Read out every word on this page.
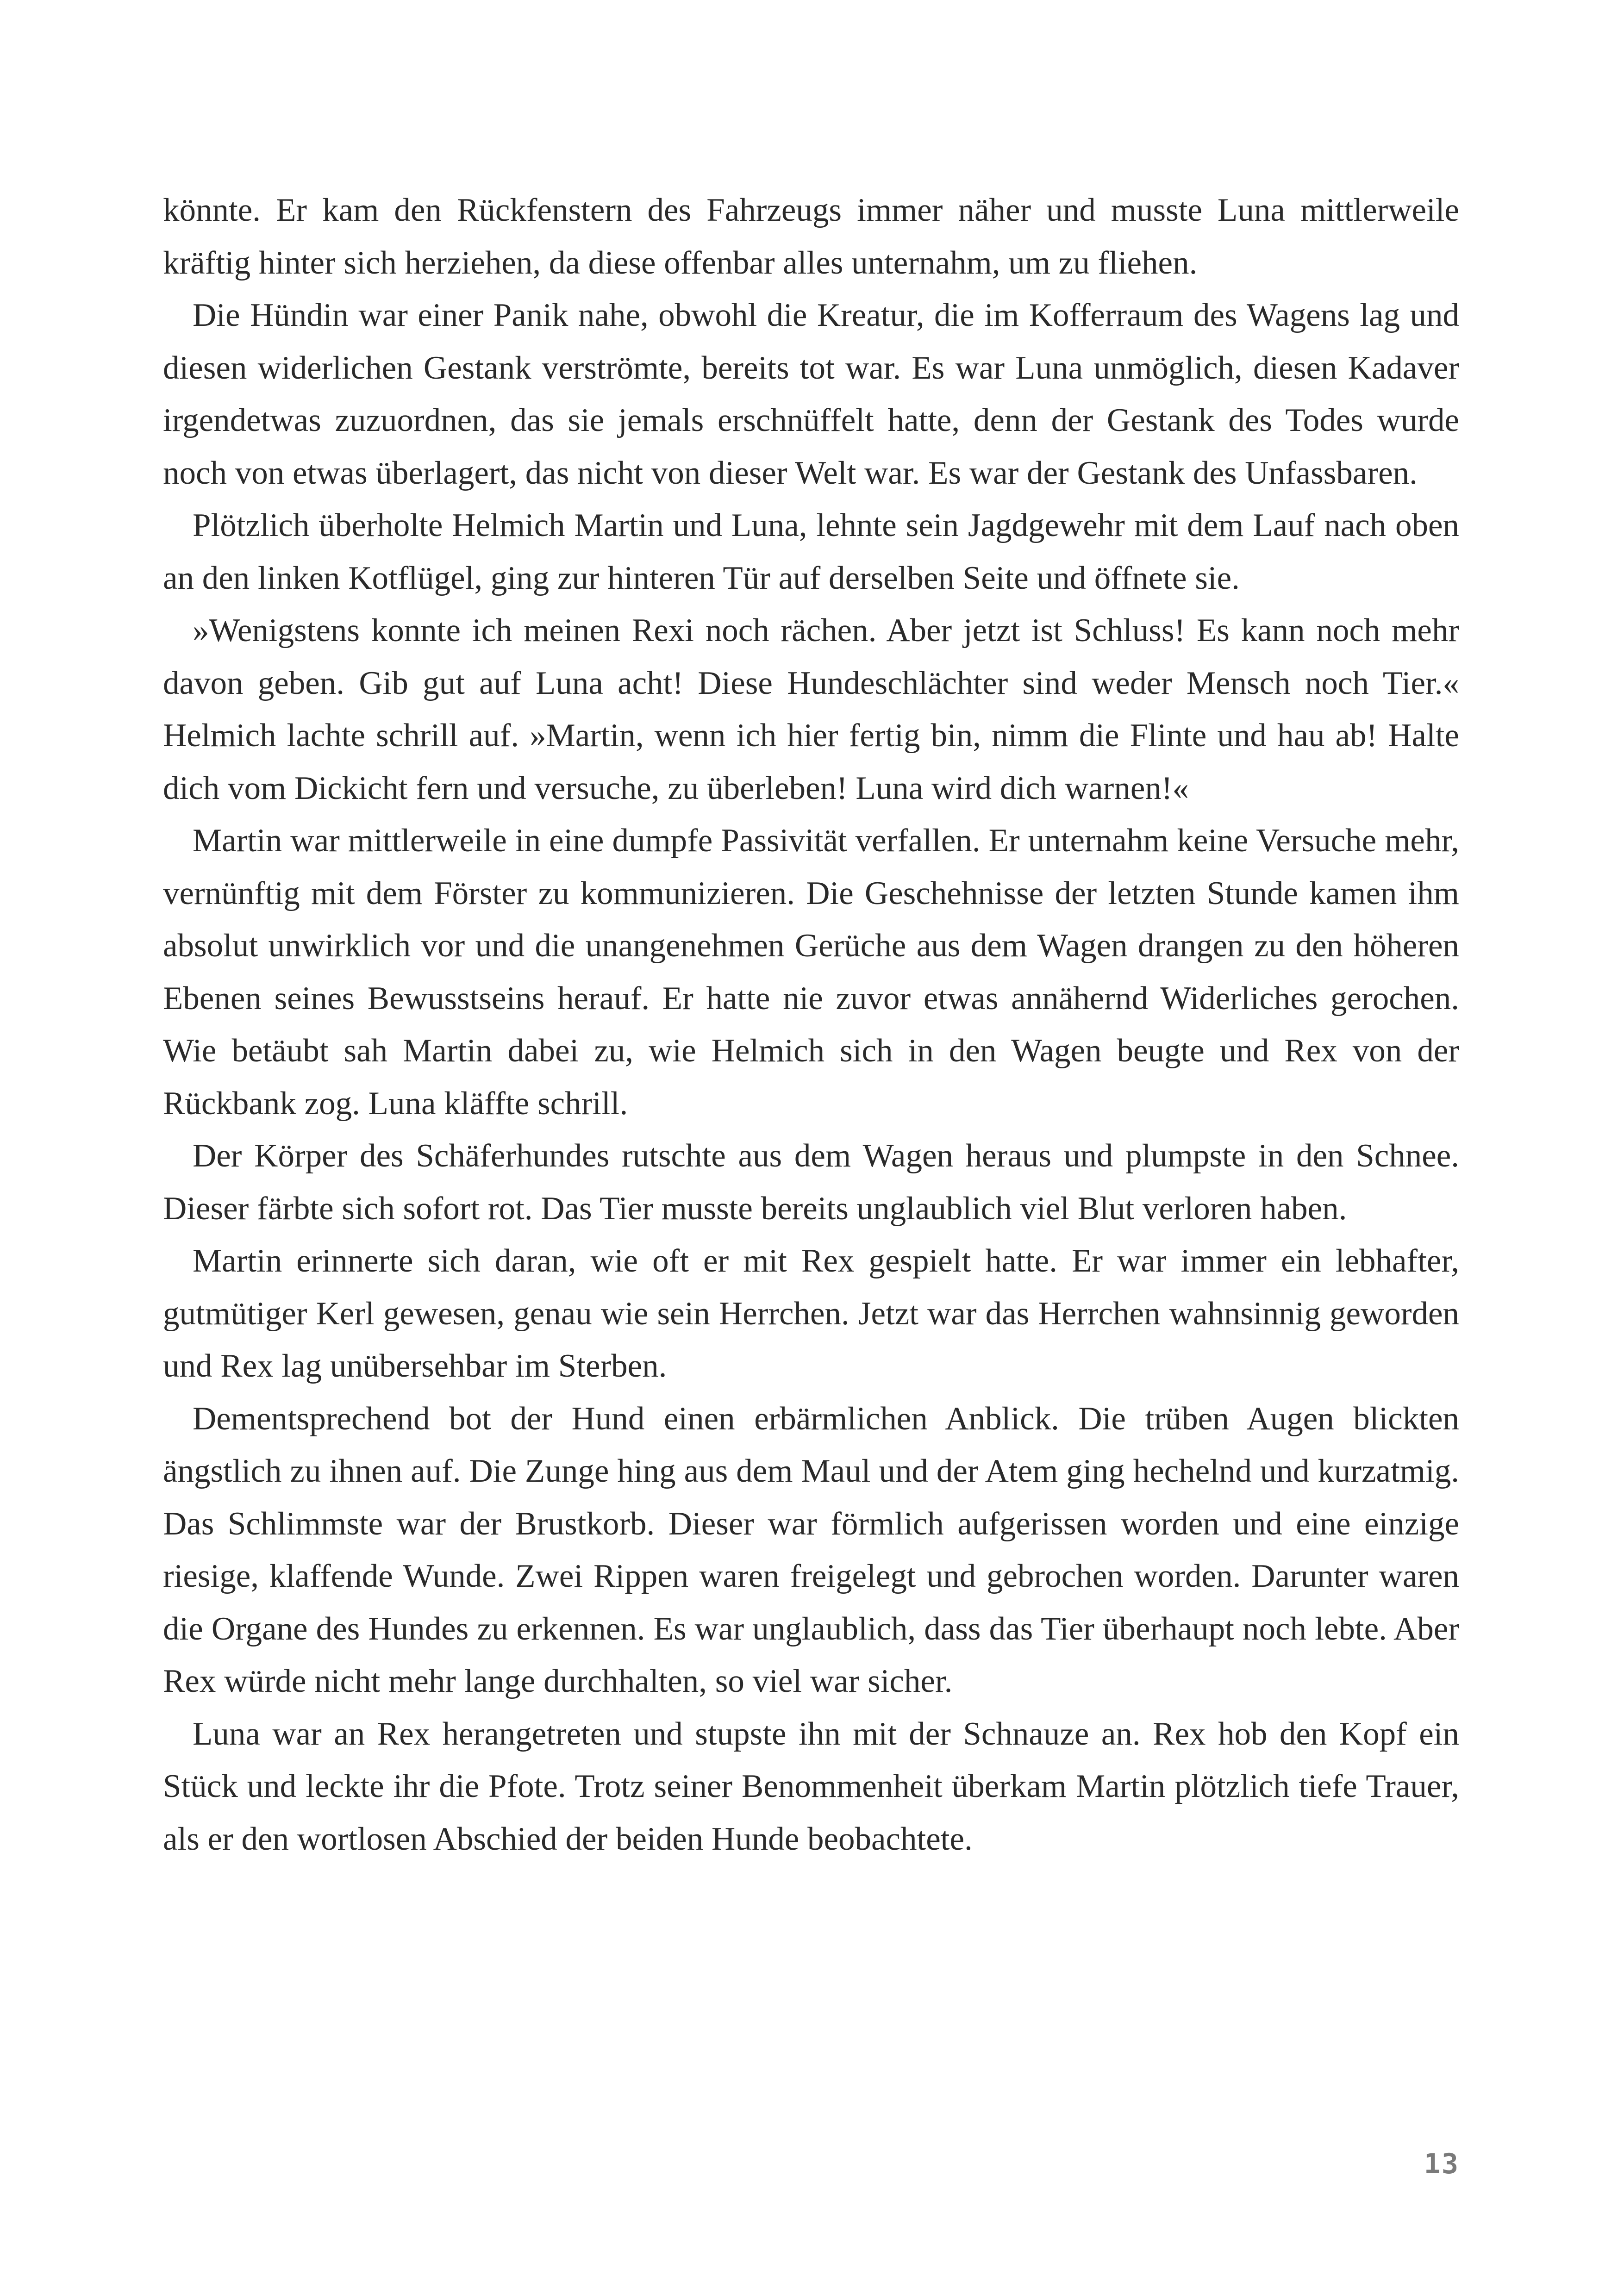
könnte. Er kam den Rückfenstern des Fahrzeugs immer näher und musste Luna mittlerweile kräftig hinter sich herziehen, da diese offenbar alles unternahm, um zu fliehen.

Die Hündin war einer Panik nahe, obwohl die Kreatur, die im Kofferraum des Wagens lag und diesen widerlichen Gestank verströmte, bereits tot war. Es war Luna unmöglich, diesen Kadaver irgendetwas zuzuordnen, das sie jemals erschnüffelt hatte, denn der Gestank des Todes wurde noch von etwas überlagert, das nicht von dieser Welt war. Es war der Gestank des Unfassbaren.

Plötzlich überholte Helmich Martin und Luna, lehnte sein Jagdgewehr mit dem Lauf nach oben an den linken Kotflügel, ging zur hinteren Tür auf derselben Seite und öffnete sie.

»Wenigstens konnte ich meinen Rexi noch rächen. Aber jetzt ist Schluss! Es kann noch mehr davon geben. Gib gut auf Luna acht! Diese Hundeschlächter sind weder Mensch noch Tier.« Helmich lachte schrill auf. »Martin, wenn ich hier fertig bin, nimm die Flinte und hau ab! Halte dich vom Dickicht fern und versuche, zu überleben! Luna wird dich warnen!«

Martin war mittlerweile in eine dumpfe Passivität verfallen. Er unternahm keine Versuche mehr, vernünftig mit dem Förster zu kommunizieren. Die Geschehnisse der letzten Stunde kamen ihm absolut unwirklich vor und die unangenehmen Gerüche aus dem Wagen drangen zu den höheren Ebenen seines Bewusstseins herauf. Er hatte nie zuvor etwas annähernd Widerliches gerochen. Wie betäubt sah Martin dabei zu, wie Helmich sich in den Wagen beugte und Rex von der Rückbank zog. Luna kläffte schrill.

Der Körper des Schäferhundes rutschte aus dem Wagen heraus und plumpste in den Schnee. Dieser färbte sich sofort rot. Das Tier musste bereits unglaublich viel Blut verloren haben.

Martin erinnerte sich daran, wie oft er mit Rex gespielt hatte. Er war immer ein lebhafter, gutmütiger Kerl gewesen, genau wie sein Herrchen. Jetzt war das Herrchen wahnsinnig geworden und Rex lag unübersehbar im Sterben.

Dementsprechend bot der Hund einen erbärmlichen Anblick. Die trüben Augen blickten ängstlich zu ihnen auf. Die Zunge hing aus dem Maul und der Atem ging hechelnd und kurzatmig. Das Schlimmste war der Brustkorb. Dieser war förmlich aufgerissen worden und eine einzige riesige, klaffende Wunde. Zwei Rippen waren freigelegt und gebrochen worden. Darunter waren die Organe des Hundes zu erkennen. Es war unglaublich, dass das Tier überhaupt noch lebte. Aber Rex würde nicht mehr lange durchhalten, so viel war sicher.

Luna war an Rex herangetreten und stupste ihn mit der Schnauze an. Rex hob den Kopf ein Stück und leckte ihr die Pfote. Trotz seiner Benommenheit überkam Martin plötzlich tiefe Trauer, als er den wortlosen Abschied der beiden Hunde beobachtete.

13
